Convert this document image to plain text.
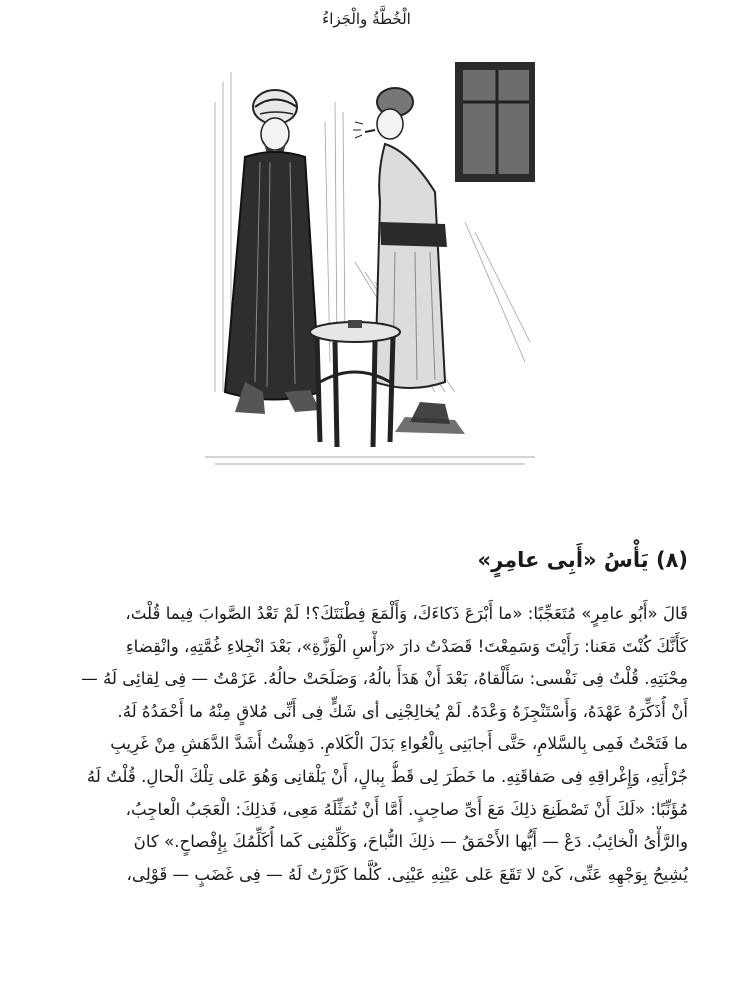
الْخُطَّةُ والْجَزاءُ
(٨) يَأْسُ «أَبِى عامِرٍ»
قَالَ «أَبُو عامِرٍ» مُتَعَجِّبًا: «ما أَبْرَعَ ذَكاءَكَ، وَأَلْمَعَ فِطْنَتَكَ؟! لَمْ تَعْدُ الصَّوابَ فِيما قُلْتَ،
كَأَنَّكَ كُنْتَ مَعَنا: رَأَيْتَ وَسَمِعْتَ! قَصَدْتُ دارَ «رَأْسِ الْوَزَّةِ»، بَعْدَ انْجِلاءِ غُمَّتِهِ، وانْقِضاءِ
مِحْنَتِهِ. قُلْتُ فِى نَفْسى: سَأَلْقاهُ، بَعْدَ أَنْ هَدَأَ بالُهُ، وَصَلَحَتْ حالُهُ. عَزَمْتُ — فِى لِقائِى لَهُ —
أَنْ أُذَكِّرَهُ عَهْدَهُ، وَأَسْتَنْجِزَهُ وَعْدَهُ. لَمْ يُخالِجْنِى أى شَكٍّ فِى أَنِّى مُلاقٍ مِنْهُ ما أَحْمَدُهُ لَهُ.
ما فَتَحْتُ فَمِى بِالسَّلامِ، حَتَّى أَجابَنِى بِالْعُواءِ بَدَلَ الْكَلامِ. دَهِشْتُ أَشَدَّ الدَّهَشِ مِنْ غَرِيبِ
جُرْأَتِهِ، وَإِغْراقِهِ فِى صَفاقَتِهِ. ما خَطَرَ لِى قَطُّ بِبالٍ، أَنْ يَلْقانِى وَهُوَ عَلى تِلْكَ الْحالِ. قُلْتُ لَهُ
مُؤَنِّبًا: «لَكَ أَنْ تَصْطَنِعَ ذلِكَ مَعَ أَىِّ صاحِبٍ. أَمَّا أَنْ تُمَثِّلَهُ مَعِى، فَذلِكَ: الْعَجَبُ الْعاجِبُ،
والرَّأْىُ الْخائِبُ. دَعْ — أَيُّها الأَحْمَقُ — ذلِكَ النُّباحَ، وَكَلِّمْنِى كَما أُكَلِّمُكَ بِإِفْصاحٍ.» كانَ
يُشِيحُ بِوَجْهِهِ عَنِّى، كَىْ لا تَقَعَ عَلى عَيْنِهِ عَيْنِى. كُلَّما كَرَّرْتُ لَهُ — فِى غَضَبٍ — قَوْلِى،
